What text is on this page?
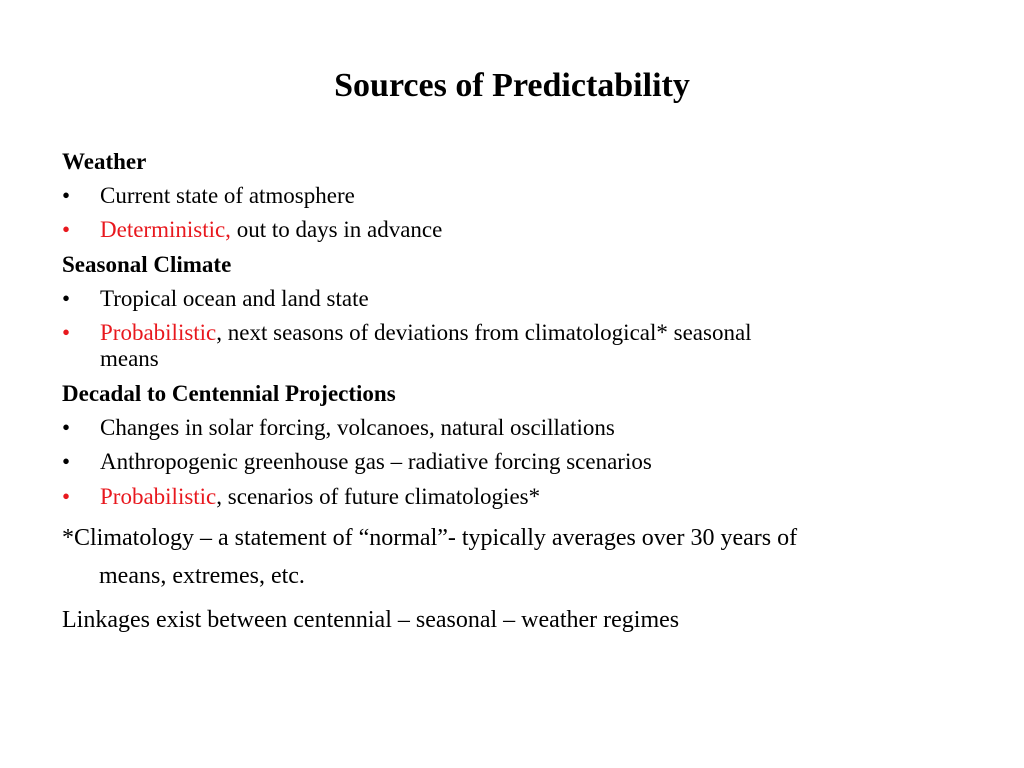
Sources of Predictability
Weather
•	Current state of atmosphere
•	Deterministic, out to days in advance
Seasonal Climate
•	Tropical ocean and land state
•	Probabilistic, next seasons of deviations from climatological* seasonal
means
Decadal to Centennial Projections
•	Changes in solar forcing, volcanoes, natural oscillations
•	Anthropogenic greenhouse gas – radiative forcing scenarios
•	Probabilistic, scenarios of future climatologies*
*Climatology – a statement of “normal”- typically averages over 30 years of
means, extremes, etc.
Linkages exist between centennial – seasonal – weather regimes
